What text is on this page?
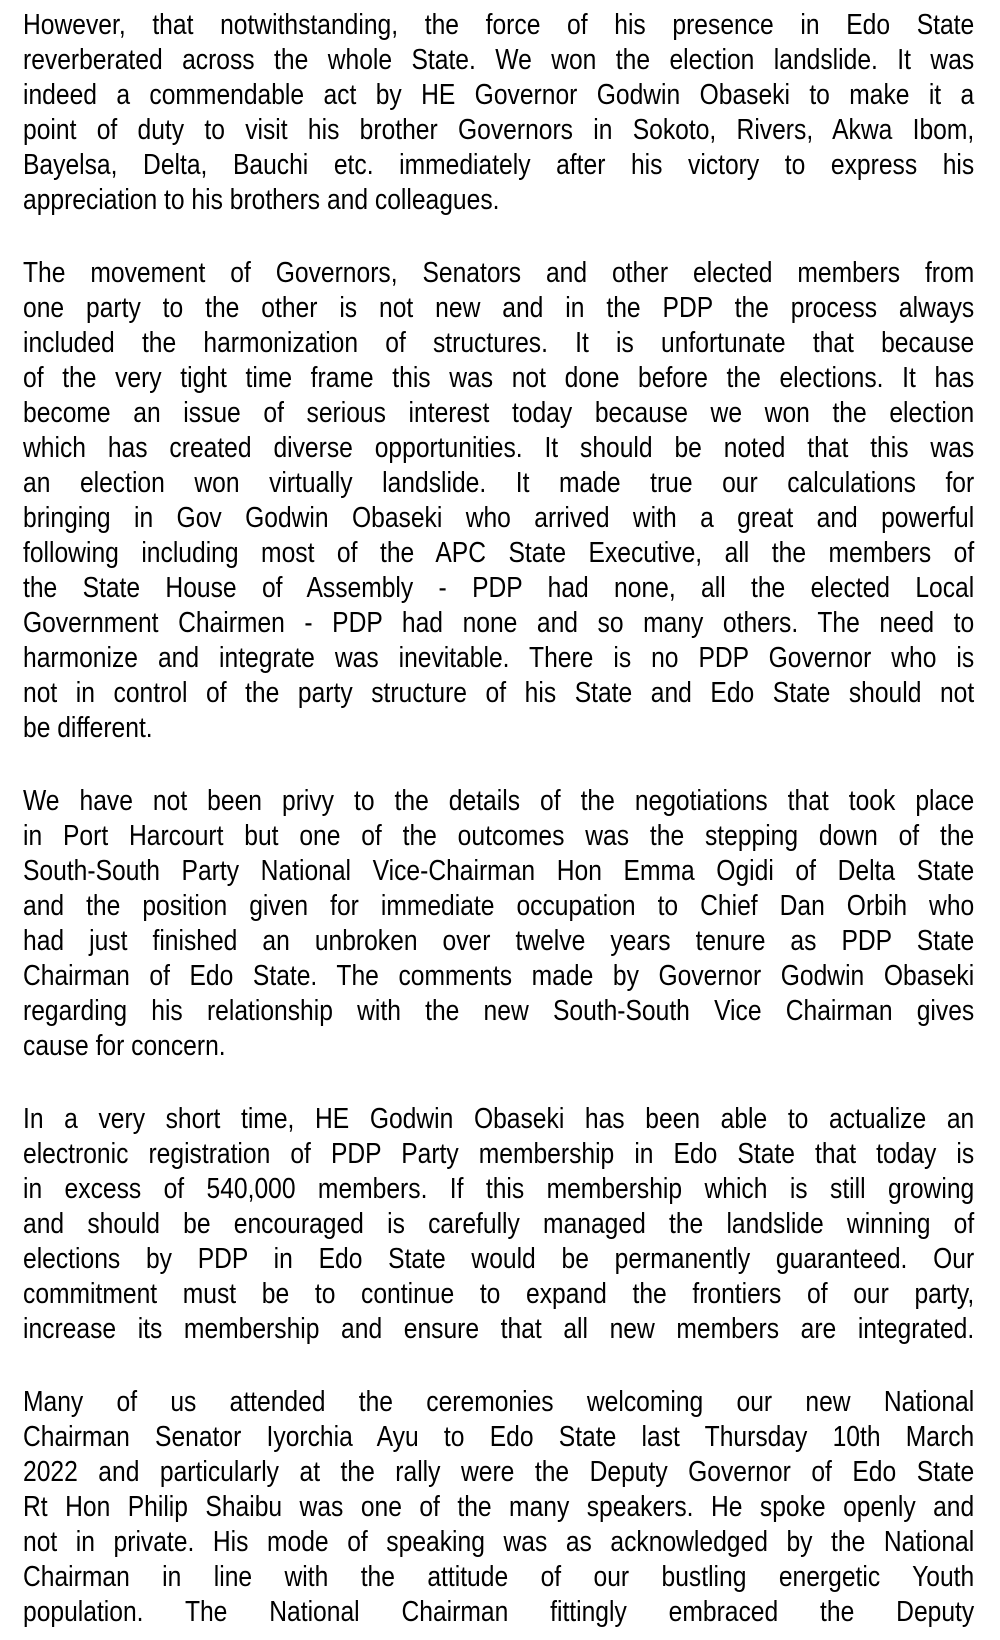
However, that notwithstanding, the force of his presence in Edo State
reverberated across the whole State. We won the election landslide. It was
indeed a commendable act by HE Governor Godwin Obaseki to make it a
point of duty to visit his brother Governors in Sokoto, Rivers, Akwa Ibom,
Bayelsa, Delta, Bauchi etc. immediately after his victory to express his
appreciation to his brothers and colleagues.
The movement of Governors, Senators and other elected members from
one party to the other is not new and in the PDP the process always
included the harmonization of structures. It is unfortunate that because
of the very tight time frame this was not done before the elections. It has
become an issue of serious interest today because we won the election
which has created diverse opportunities. It should be noted that this was
an election won virtually landslide. It made true our calculations for
bringing in Gov Godwin Obaseki who arrived with a great and powerful
following including most of the APC State Executive, all the members of
the State House of Assembly - PDP had none, all the elected Local
Government Chairmen - PDP had none and so many others. The need to
harmonize and integrate was inevitable. There is no PDP Governor who is
not in control of the party structure of his State and Edo State should not
be different.
We have not been privy to the details of the negotiations that took place
in Port Harcourt but one of the outcomes was the stepping down of the
South-South Party National Vice-Chairman Hon Emma Ogidi of Delta State
and the position given for immediate occupation to Chief Dan Orbih who
had just finished an unbroken over twelve years tenure as PDP State
Chairman of Edo State. The comments made by Governor Godwin Obaseki
regarding his relationship with the new South-South Vice Chairman gives
cause for concern.
In a very short time, HE Godwin Obaseki has been able to actualize an
electronic registration of PDP Party membership in Edo State that today is
in excess of 540,000 members. If this membership which is still growing
and should be encouraged is carefully managed the landslide winning of
elections by PDP in Edo State would be permanently guaranteed. Our
commitment must be to continue to expand the frontiers of our party,
increase its membership and ensure that all new members are integrated.
Many of us attended the ceremonies welcoming our new National
Chairman Senator Iyorchia Ayu to Edo State last Thursday 10th March
2022 and particularly at the rally were the Deputy Governor of Edo State
Rt Hon Philip Shaibu was one of the many speakers. He spoke openly and
not in private. His mode of speaking was as acknowledged by the National
Chairman in line with the attitude of our bustling energetic Youth
population. The National Chairman fittingly embraced the Deputy
